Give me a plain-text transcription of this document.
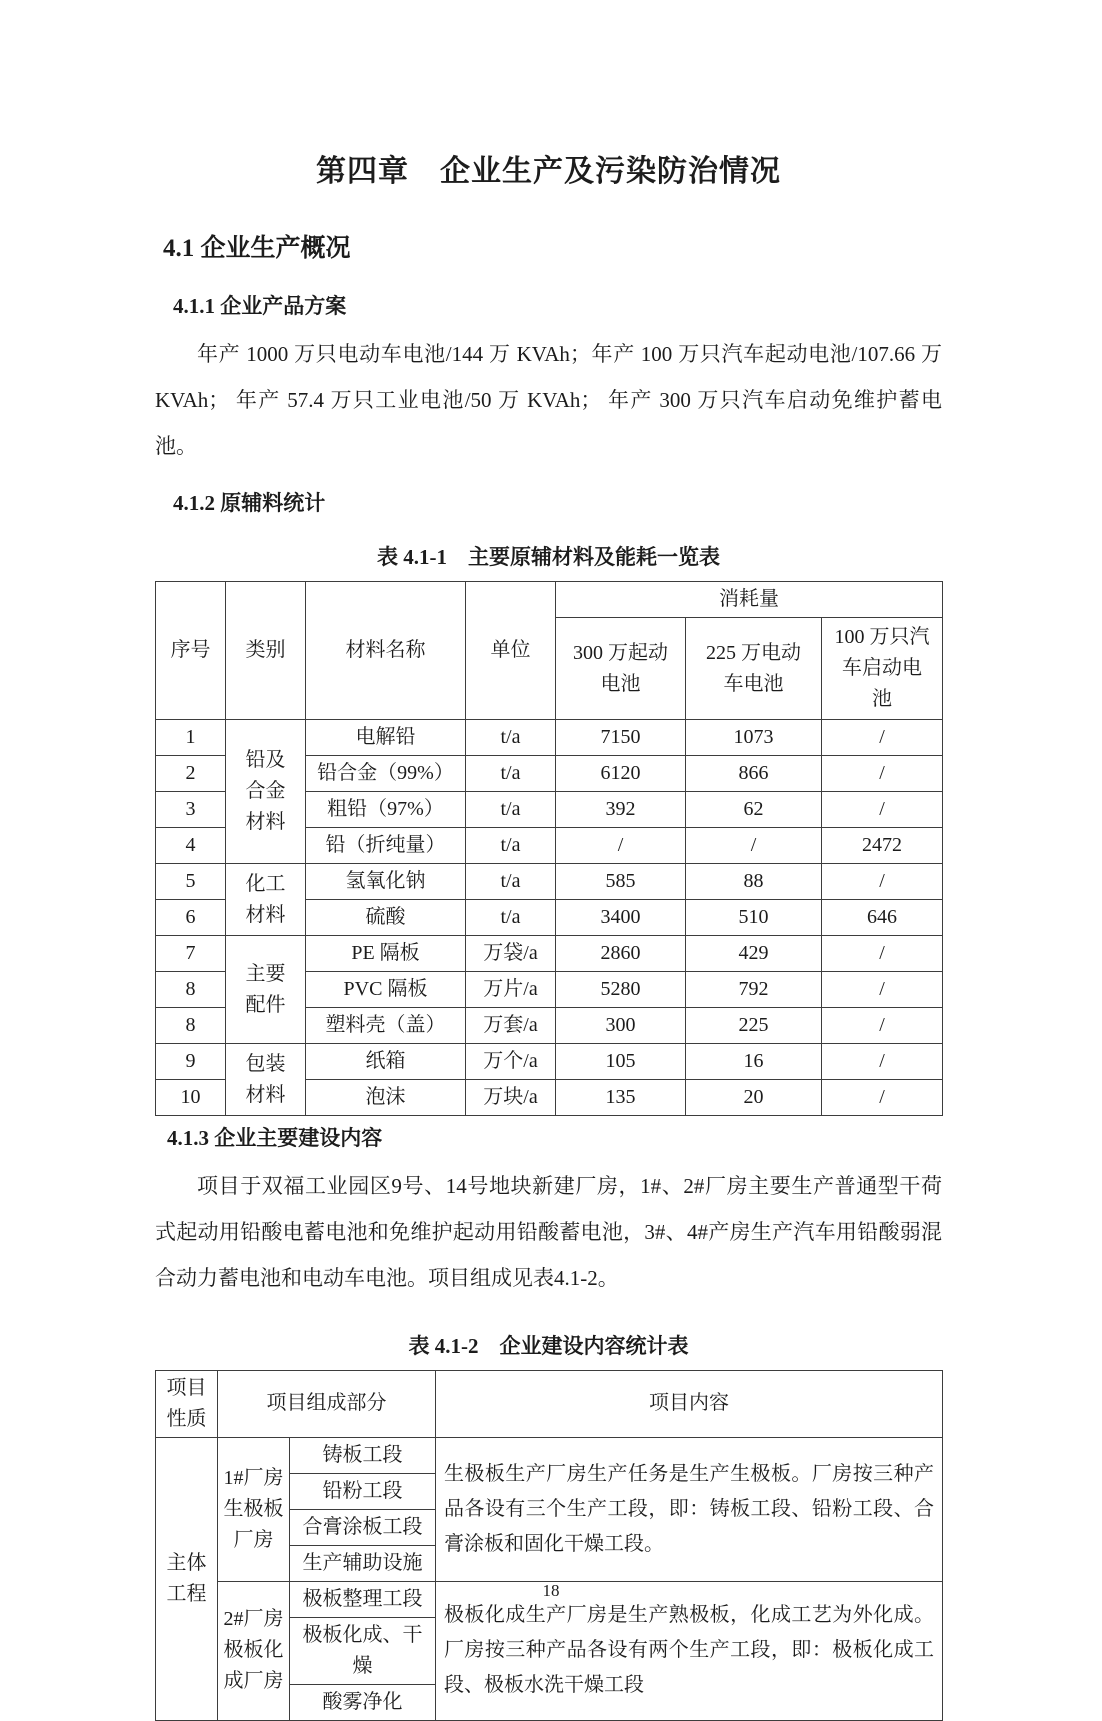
第四章　企业生产及污染防治情况
4.1 企业生产概况
4.1.1 企业产品方案

年产 1000 万只电动车电池/144 万 KVAh；年产 100 万只汽车起动电池/107.66 万 KVAh； 年产 57.4 万只工业电池/50 万 KVAh； 年产 300 万只汽车启动免维护蓄电池。

4.1.2 原辅料统计

表 4.1-1　主要原辅材料及能耗一览表

序号	类别	材料名称	单位	消耗量		
				300 万起动电池	225 万电动车电池	100 万只汽车启动电池
1	铅及合金材料	电解铅	t/a	7150	1073	/
2		铅合金（99%）	t/a	6120	866	/
3		粗铅（97%）	t/a	392	62	/
4		铅（折纯量）	t/a	/	/	2472
5	化工材料	氢氧化钠	t/a	585	88	/
6		硫酸	t/a	3400	510	646
7	主要配件	PE 隔板	万袋/a	2860	429	/
8		PVC 隔板	万片/a	5280	792	/
8		塑料壳（盖）	万套/a	300	225	/
9	包装材料	纸箱	万个/a	105	16	/
10		泡沫	万块/a	135	20	/
4.1.3 企业主要建设内容

项目于双福工业园区9号、14号地块新建厂房，1#、2#厂房主要生产普通型干荷式起动用铅酸电蓄电池和免维护起动用铅酸蓄电池，3#、4#产房生产汽车用铅酸弱混合动力蓄电池和电动车电池。项目组成见表4.1-2。

表 4.1-2　企业建设内容统计表

项目性质	项目组成部分		项目内容
主体工程	1#厂房生极板厂房	铸板工段	生极板生产厂房生产任务是生产生极板。厂房按三种产品各设有三个生产工段，即：铸板工段、铅粉工段、合膏涂板和固化干燥工段。
		铅粉工段	
		合膏涂板工段	
		生产辅助设施	
	2#厂房极板化成厂房	极板整理工段	极板化成生产厂房是生产熟极板，化成工艺为外化成。厂房按三种产品各设有两个生产工段，即：极板化成工段、极板水洗干燥工段
		极板化成、干燥	
		酸雾净化	
18
